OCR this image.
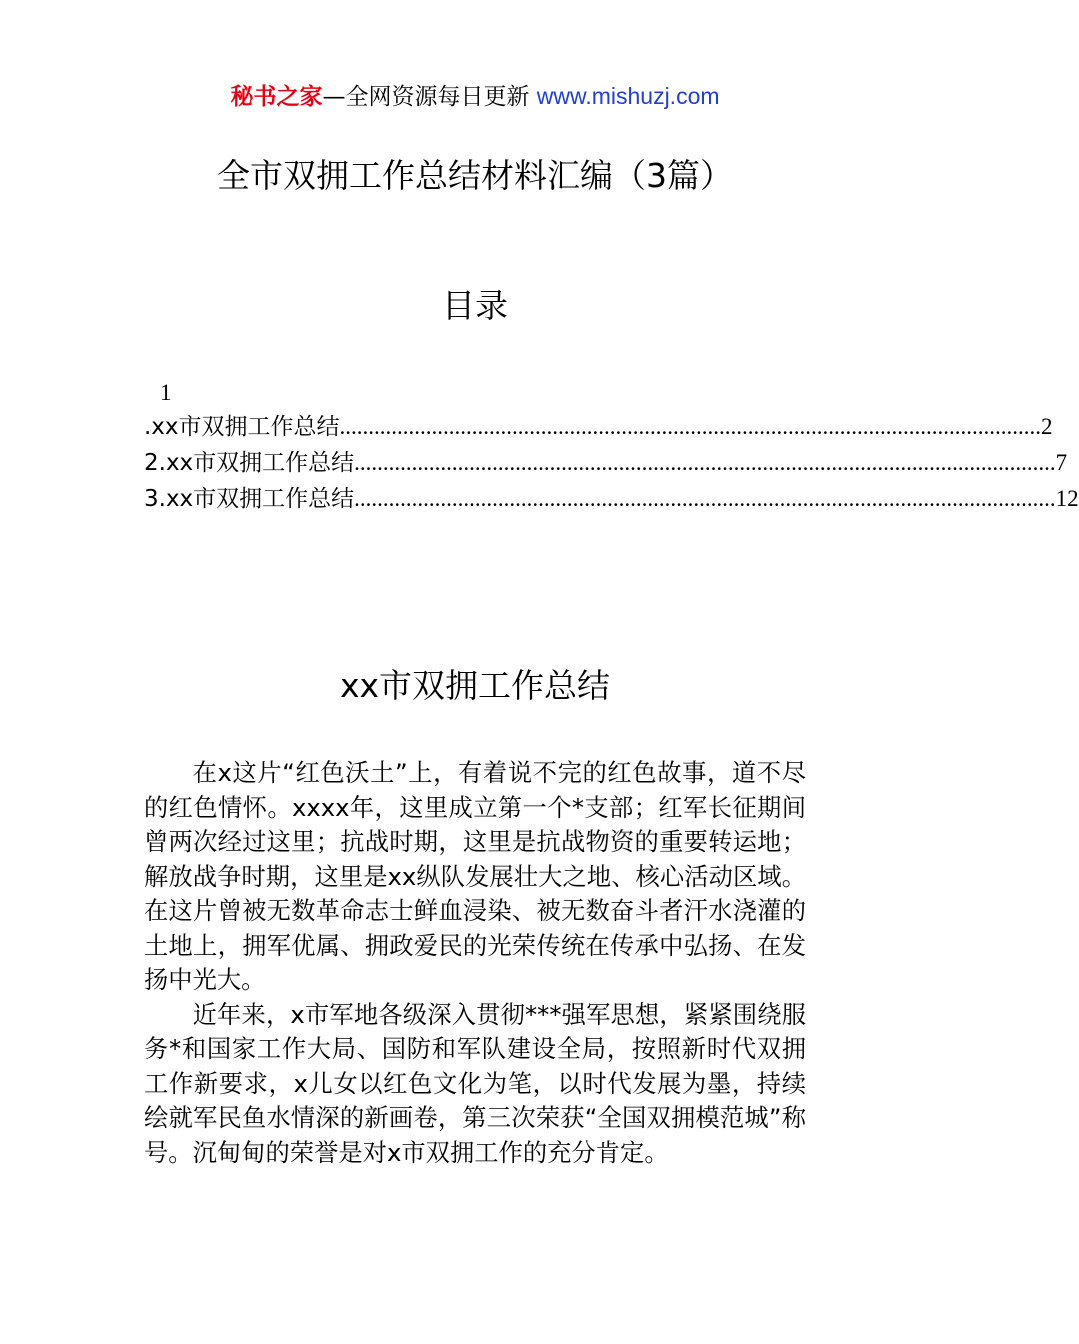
秘书之家—全网资源每日更新 www.mishuzj.com
全市双拥工作总结材料汇编（3篇）
目录
1
.xx市双拥工作总结 .......................................................................................................................... 2
2.xx市双拥工作总结 .......................................................................................................................... 7
3.xx市双拥工作总结 .......................................................................................................................... 12
xx市双拥工作总结

在x这片“红色沃土”上，有着说不完的红色故事，道不尽的红色情怀。xxxx年，这里成立第一个*支部；红军长征期间曾两次经过这里；抗战时期，这里是抗战物资的重要转运地；解放战争时期，这里是xx纵队发展壮大之地、核心活动区域。在这片曾被无数革命志士鲜血浸染、被无数奋斗者汗水浇灌的土地上，拥军优属、拥政爱民的光荣传统在传承中弘扬、在发扬中光大。

近年来，x市军地各级深入贯彻***强军思想，紧紧围绕服务*和国家工作大局、国防和军队建设全局，按照新时代双拥工作新要求，x儿女以红色文化为笔，以时代发展为墨，持续绘就军民鱼水情深的新画卷，第三次荣获“全国双拥模范城”称号。沉甸甸的荣誉是对x市双拥工作的充分肯定。
